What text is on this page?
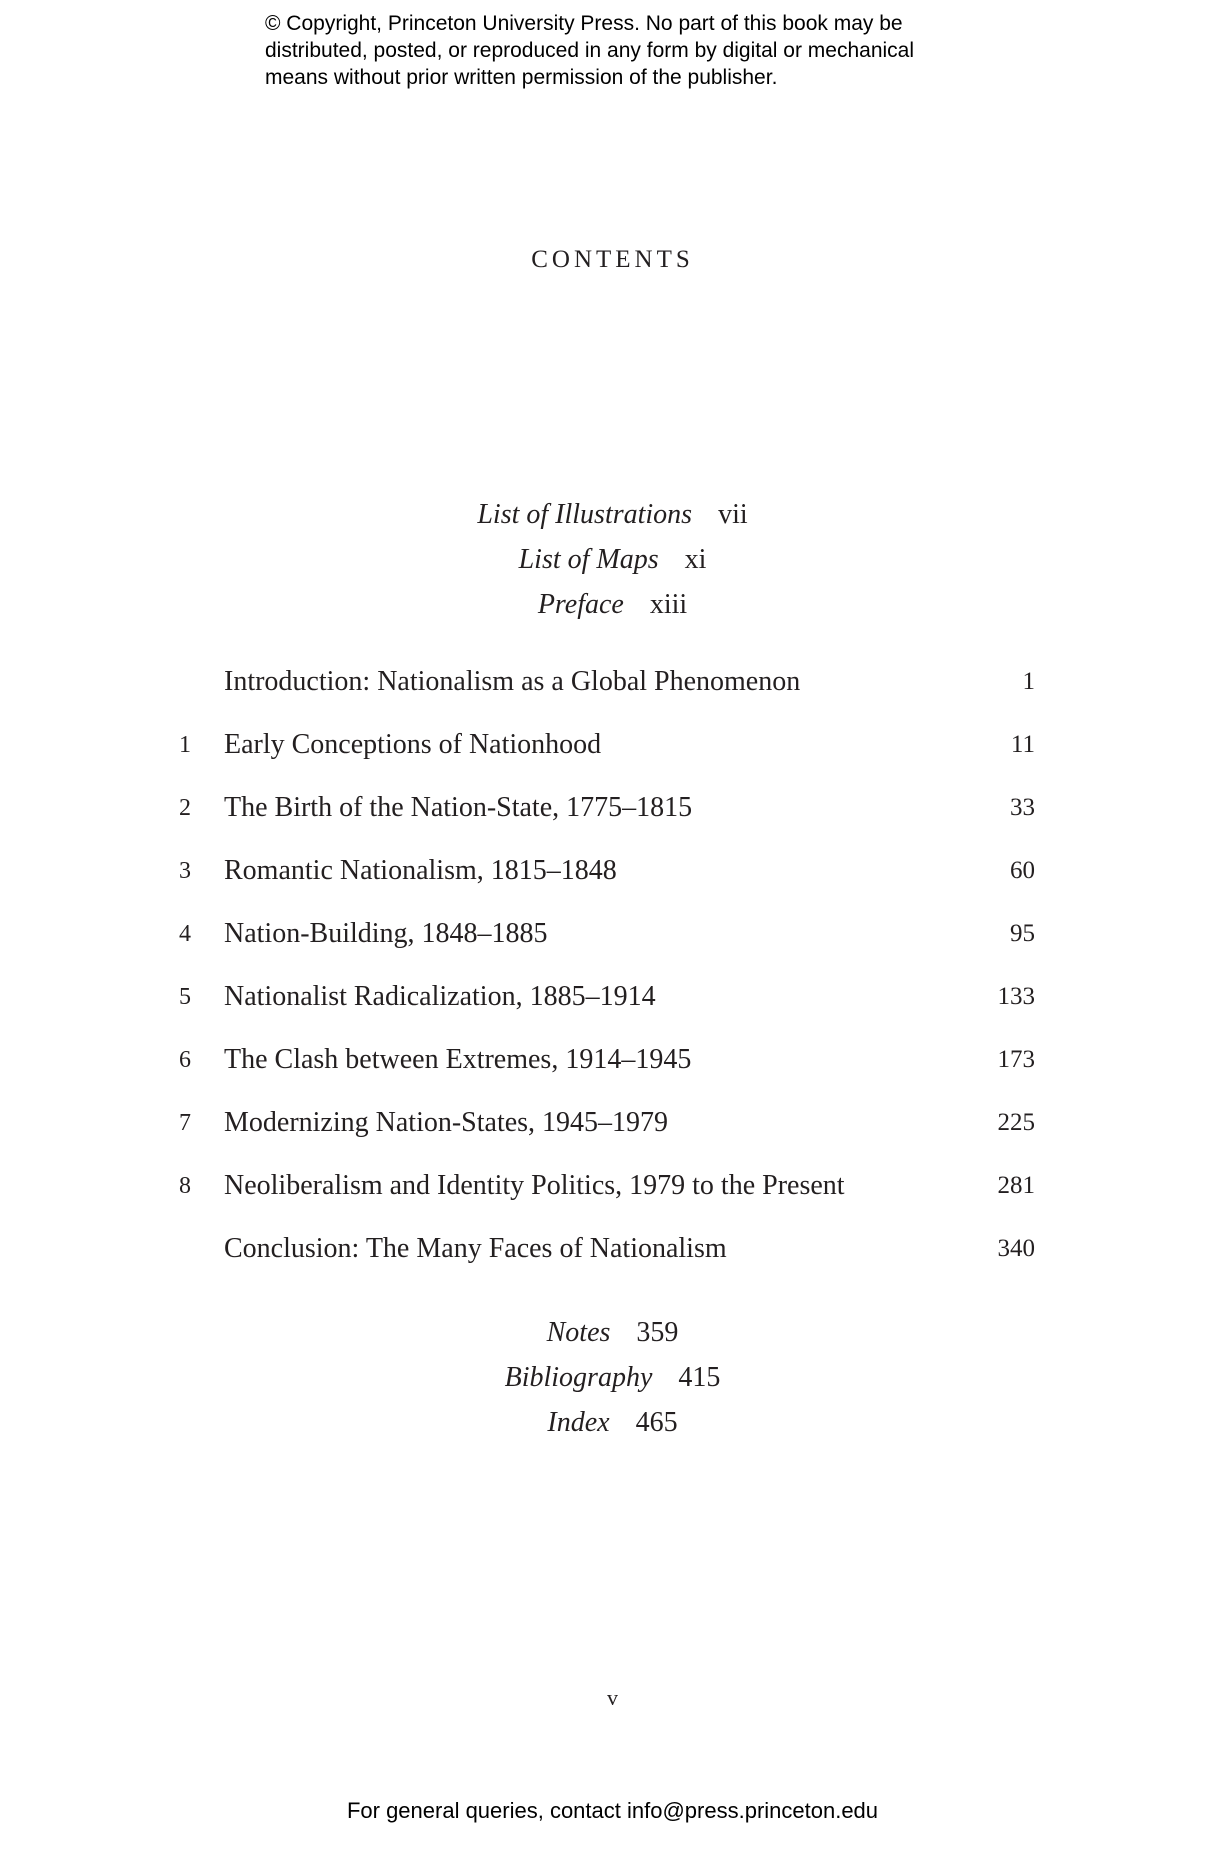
© Copyright, Princeton University Press. No part of this book may be
distributed, posted, or reproduced in any form by digital or mechanical
means without prior written permission of the publisher.
CONTENTS
List of Illustrations vii
List of Maps xi
Preface xiii
Introduction: Nationalism as a Global Phenomenon	1
1	Early Conceptions of Nationhood	11
2	The Birth of the Nation-State, 1775–1815	33
3	Romantic Nationalism, 1815–1848	60
4	Nation-Building, 1848–1885	95
5	Nationalist Radicalization, 1885–1914	133
6	The Clash between Extremes, 1914–1945	173
7	Modernizing Nation-States, 1945–1979	225
8	Neoliberalism and Identity Politics, 1979 to the Present	281
Conclusion: The Many Faces of Nationalism	340
Notes 359
Bibliography 415
Index 465
v
For general queries, contact info@press.princeton.edu
